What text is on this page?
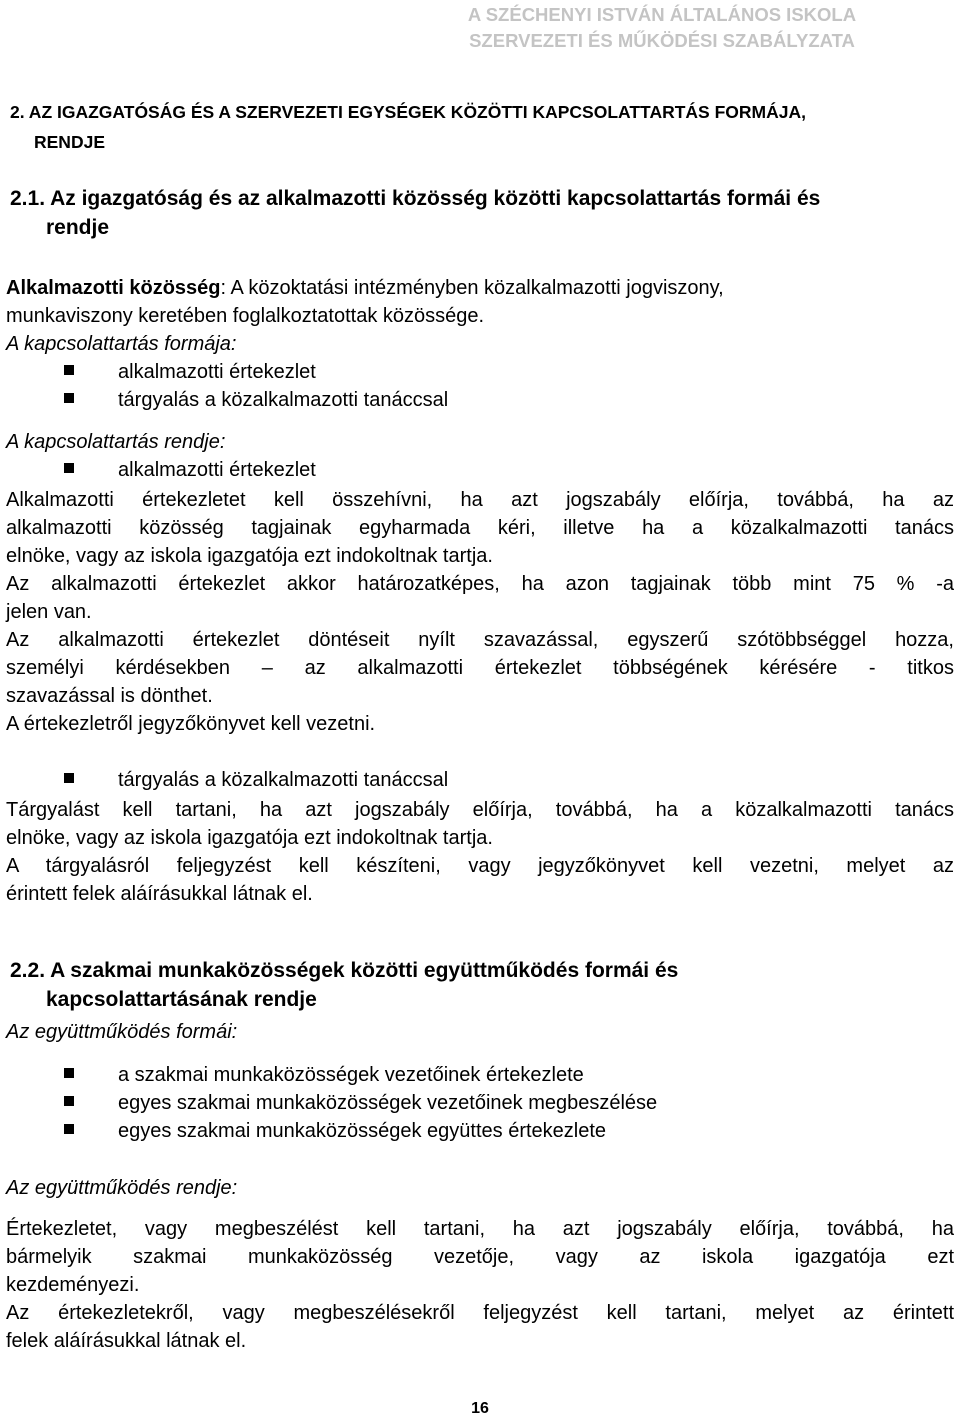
A SZÉCHENYI ISTVÁN ÁLTALÁNOS ISKOLA
SZERVEZETI ÉS MŰKÖDÉSI SZABÁLYZATA
2. AZ IGAZGATÓSÁG ÉS A SZERVEZETI EGYSÉGEK KÖZÖTTI KAPCSOLATTARTÁS FORMÁJA,
RENDJE
2.1. Az igazgatóság és az alkalmazotti közösség közötti kapcsolattartás formái és
rendje
Alkalmazotti közösség: A közoktatási intézményben közalkalmazotti jogviszony,
munkaviszony keretében foglalkoztatottak közössége.
A kapcsolattartás formája:
alkalmazotti értekezlet
tárgyalás a közalkalmazotti tanáccsal
A kapcsolattartás rendje:
alkalmazotti értekezlet
Alkalmazotti értekezletet kell összehívni, ha azt jogszabály előírja, továbbá, ha az
alkalmazotti közösség tagjainak egyharmada kéri, illetve ha a közalkalmazotti tanács
elnöke, vagy az iskola igazgatója ezt indokoltnak tartja.
Az alkalmazotti értekezlet akkor határozatképes, ha azon tagjainak több mint 75 % -a
jelen van.
Az alkalmazotti értekezlet döntéseit nyílt szavazással, egyszerű szótöbbséggel hozza,
személyi kérdésekben – az alkalmazotti értekezlet többségének kérésére - titkos
szavazással is dönthet.
A értekezletről jegyzőkönyvet kell vezetni.
tárgyalás a közalkalmazotti tanáccsal
Tárgyalást kell tartani, ha azt jogszabály előírja, továbbá, ha a közalkalmazotti tanács
elnöke, vagy az iskola igazgatója ezt indokoltnak tartja.
A tárgyalásról feljegyzést kell készíteni, vagy jegyzőkönyvet kell vezetni, melyet az
érintett felek aláírásukkal látnak el.
2.2. A szakmai munkaközösségek közötti együttműködés formái és
kapcsolattartásának rendje
Az együttműködés formái:
a szakmai munkaközösségek vezetőinek értekezlete
egyes szakmai munkaközösségek vezetőinek megbeszélése
egyes szakmai munkaközösségek együttes értekezlete
Az együttműködés rendje:
Értekezletet, vagy megbeszélést kell tartani, ha azt jogszabály előírja, továbbá, ha
bármelyik szakmai munkaközösség vezetője, vagy az iskola igazgatója ezt
kezdeményezi.
Az értekezletekről, vagy megbeszélésekről feljegyzést kell tartani, melyet az érintett
felek aláírásukkal látnak el.
16
